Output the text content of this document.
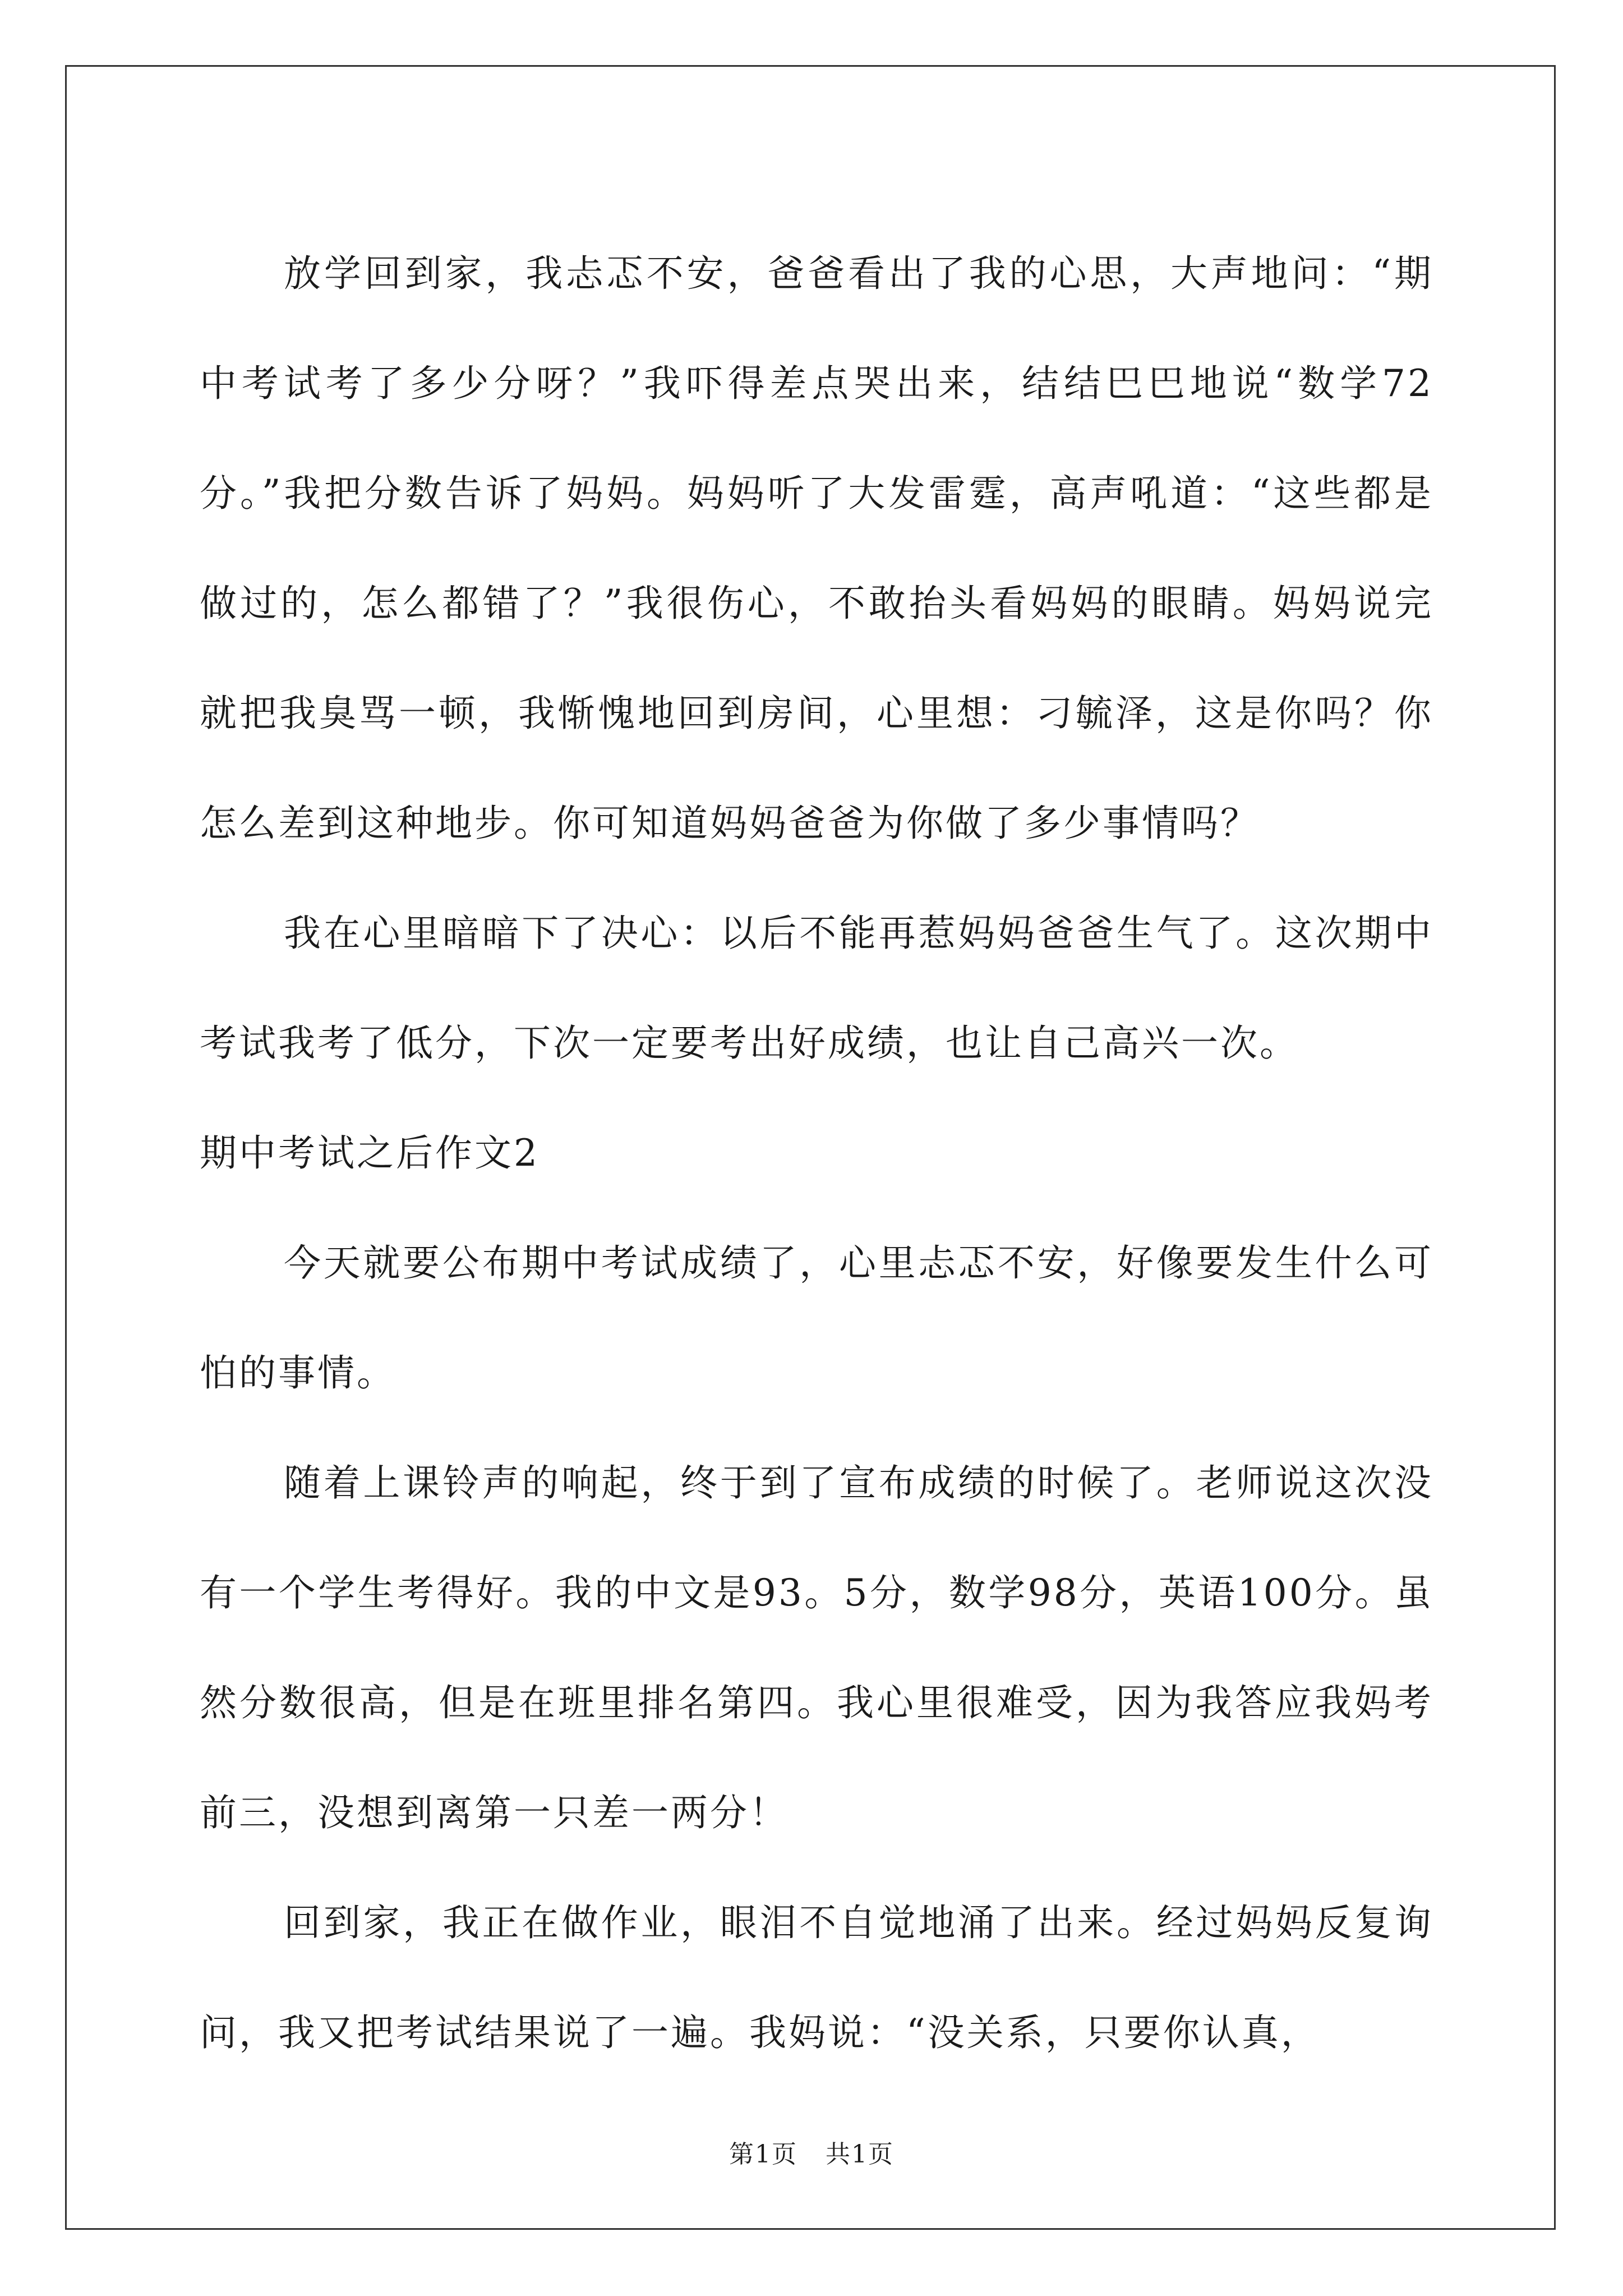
放学回到家，我忐忑不安，爸爸看出了我的心思，大声地问：“期中考试考了多少分呀？”我吓得差点哭出来，结结巴巴地说“数学72分。”我把分数告诉了妈妈。妈妈听了大发雷霆，高声吼道：“这些都是做过的，怎么都错了？”我很伤心，不敢抬头看妈妈的眼睛。妈妈说完就把我臭骂一顿，我惭愧地回到房间，心里想：刁毓泽，这是你吗？你怎么差到这种地步。你可知道妈妈爸爸为你做了多少事情吗？

我在心里暗暗下了决心：以后不能再惹妈妈爸爸生气了。这次期中考试我考了低分，下次一定要考出好成绩，也让自己高兴一次。

期中考试之后作文2

今天就要公布期中考试成绩了，心里忐忑不安，好像要发生什么可怕的事情。

随着上课铃声的响起，终于到了宣布成绩的时候了。老师说这次没有一个学生考得好。我的中文是93。5分，数学98分，英语100分。虽然分数很高，但是在班里排名第四。我心里很难受，因为我答应我妈考前三，没想到离第一只差一两分！

回到家，我正在做作业，眼泪不自觉地涌了出来。经过妈妈反复询问，我又把考试结果说了一遍。我妈说：“没关系，只要你认真，

第1页 共1页
